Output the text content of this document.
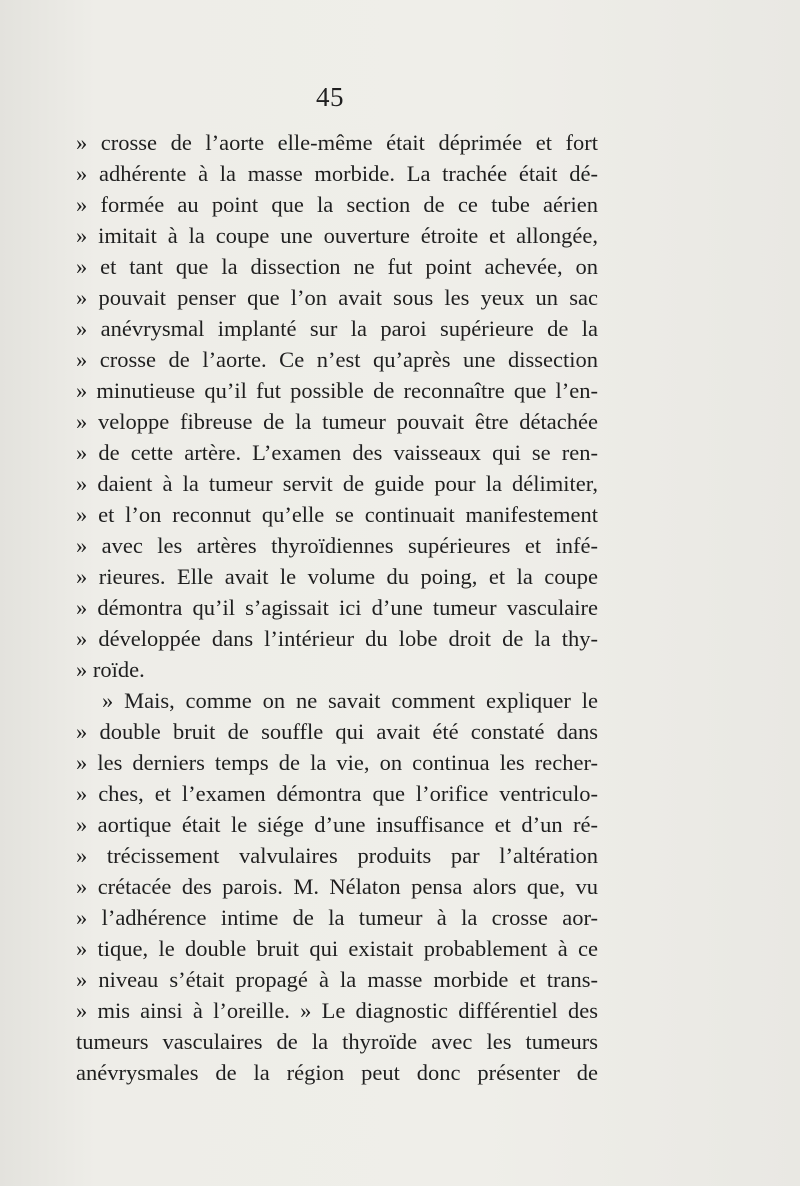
45
» crosse de l’aorte elle-même était déprimée et fort
» adhérente à la masse morbide. La trachée était dé-
» formée au point que la section de ce tube aérien
» imitait à la coupe une ouverture étroite et allongée,
» et tant que la dissection ne fut point achevée, on
» pouvait penser que l’on avait sous les yeux un sac
» anévrysmal implanté sur la paroi supérieure de la
» crosse de l’aorte. Ce n’est qu’après une dissection
» minutieuse qu’il fut possible de reconnaître que l’en-
» veloppe fibreuse de la tumeur pouvait être détachée
» de cette artère. L’examen des vaisseaux qui se ren-
» daient à la tumeur servit de guide pour la délimiter,
» et l’on reconnut qu’elle se continuait manifestement
» avec les artères thyroïdiennes supérieures et infé-
» rieures. Elle avait le volume du poing, et la coupe
» démontra qu’il s’agissait ici d’une tumeur vasculaire
» développée dans l’intérieur du lobe droit de la thy-
» roïde.
» Mais, comme on ne savait comment expliquer le
» double bruit de souffle qui avait été constaté dans
» les derniers temps de la vie, on continua les recher-
» ches, et l’examen démontra que l’orifice ventriculo-
» aortique était le siége d’une insuffisance et d’un ré-
» trécissement valvulaires produits par l’altération
» crétacée des parois. M. Nélaton pensa alors que, vu
» l’adhérence intime de la tumeur à la crosse aor-
» tique, le double bruit qui existait probablement à ce
» niveau s’était propagé à la masse morbide et trans-
» mis ainsi à l’oreille. » Le diagnostic différentiel des
tumeurs vasculaires de la thyroïde avec les tumeurs
anévrysmales de la région peut donc présenter de
